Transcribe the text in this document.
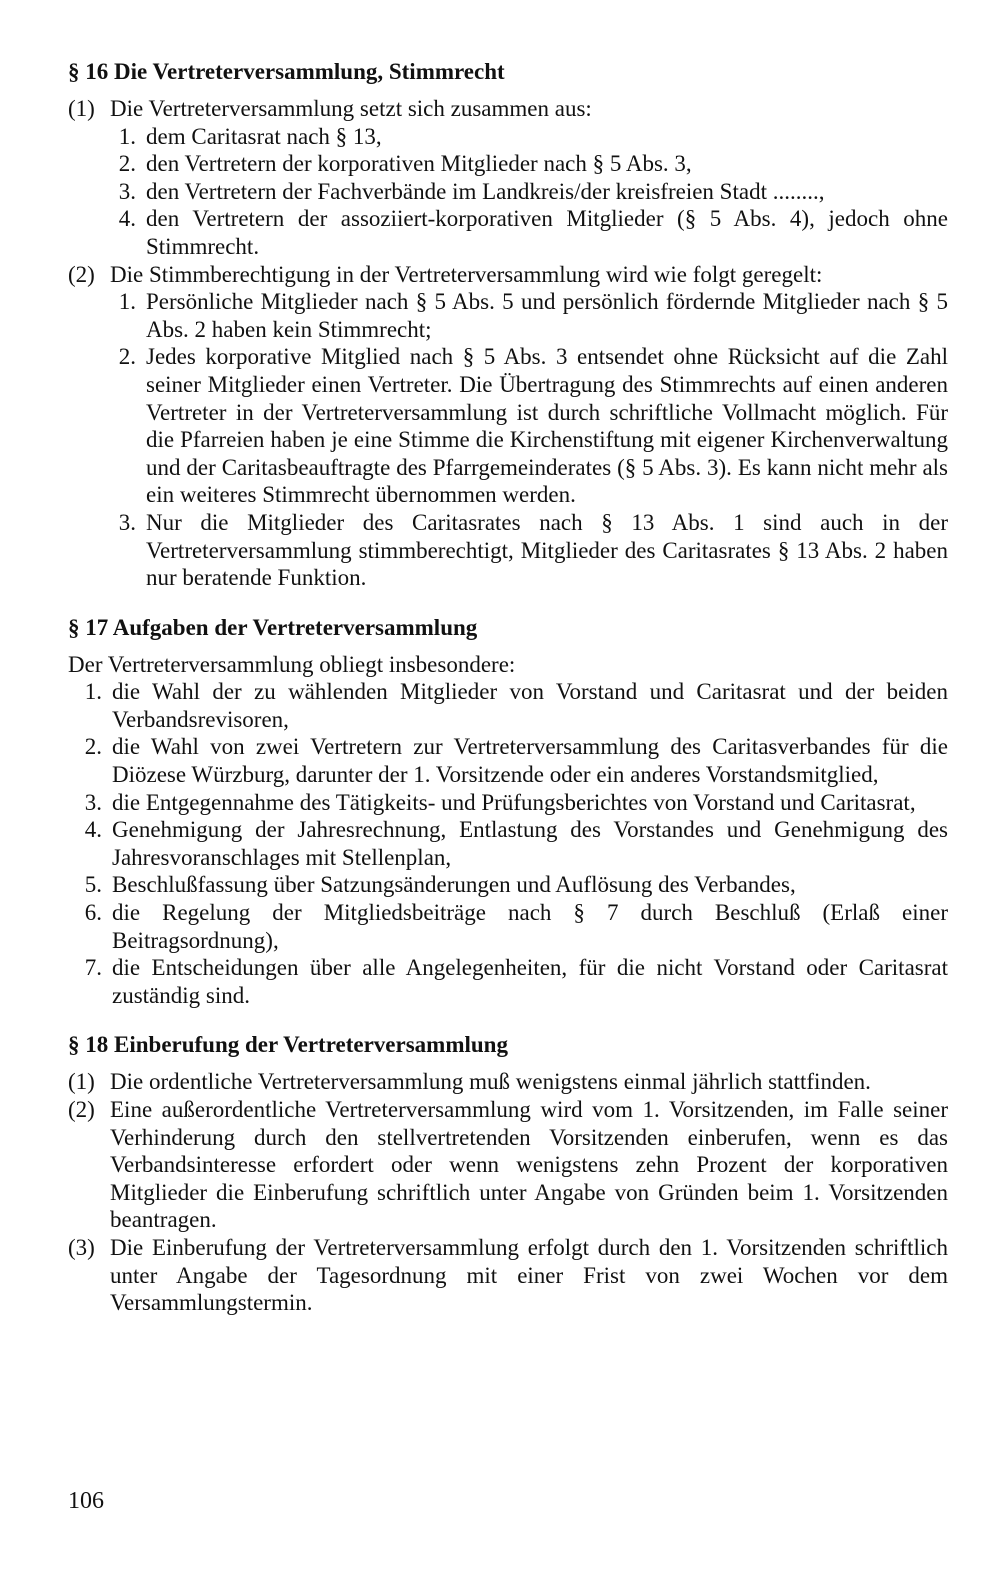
§ 16 Die Vertreterversammlung, Stimmrecht
(1) Die Vertreterversammlung setzt sich zusammen aus:
1. dem Caritasrat nach § 13,
2. den Vertretern der korporativen Mitglieder nach § 5 Abs. 3,
3. den Vertretern der Fachverbände im Landkreis/der kreisfreien Stadt ........,
4. den Vertretern der assoziiert-korporativen Mitglieder (§ 5 Abs. 4), jedoch ohne Stimmrecht.
(2) Die Stimmberechtigung in der Vertreterversammlung wird wie folgt geregelt:
1. Persönliche Mitglieder nach § 5 Abs. 5 und persönlich fördernde Mitglieder nach § 5 Abs. 2 haben kein Stimmrecht;
2. Jedes korporative Mitglied nach § 5 Abs. 3 entsendet ohne Rücksicht auf die Zahl seiner Mitglieder einen Vertreter. Die Übertragung des Stimmrechts auf einen anderen Vertreter in der Vertreterversammlung ist durch schriftliche Vollmacht möglich. Für die Pfarreien haben je eine Stimme die Kirchenstiftung mit eigener Kirchenverwaltung und der Caritasbeauftragte des Pfarrgemeinderates (§ 5 Abs. 3). Es kann nicht mehr als ein weiteres Stimmrecht übernommen werden.
3. Nur die Mitglieder des Caritasrates nach § 13 Abs. 1 sind auch in der Vertreterversammlung stimmberechtigt, Mitglieder des Caritasrates § 13 Abs. 2 haben nur beratende Funktion.
§ 17 Aufgaben der Vertreterversammlung

Der Vertreterversammlung obliegt insbesondere:

1. die Wahl der zu wählenden Mitglieder von Vorstand und Caritasrat und der beiden Verbandsrevisoren,
2. die Wahl von zwei Vertretern zur Vertreterversammlung des Caritasverbandes für die Diözese Würzburg, darunter der 1. Vorsitzende oder ein anderes Vorstandsmitglied,
3. die Entgegennahme des Tätigkeits- und Prüfungsberichtes von Vorstand und Caritasrat,
4. Genehmigung der Jahresrechnung, Entlastung des Vorstandes und Genehmigung des Jahresvoranschlages mit Stellenplan,
5. Beschlußfassung über Satzungsänderungen und Auflösung des Verbandes,
6. die Regelung der Mitgliedsbeiträge nach § 7 durch Beschluß (Erlaß einer Beitragsordnung),
7. die Entscheidungen über alle Angelegenheiten, für die nicht Vorstand oder Caritasrat zuständig sind.
§ 18 Einberufung der Vertreterversammlung
(1) Die ordentliche Vertreterversammlung muß wenigstens einmal jährlich stattfinden.
(2) Eine außerordentliche Vertreterversammlung wird vom 1. Vorsitzenden, im Falle seiner Verhinderung durch den stellvertretenden Vorsitzenden einberufen, wenn es das Verbandsinteresse erfordert oder wenn wenigstens zehn Prozent der korporativen Mitglieder die Einberufung schriftlich unter Angabe von Gründen beim 1. Vorsitzenden beantragen.
(3) Die Einberufung der Vertreterversammlung erfolgt durch den 1. Vorsitzenden schriftlich unter Angabe der Tagesordnung mit einer Frist von zwei Wochen vor dem Versammlungstermin.
106
